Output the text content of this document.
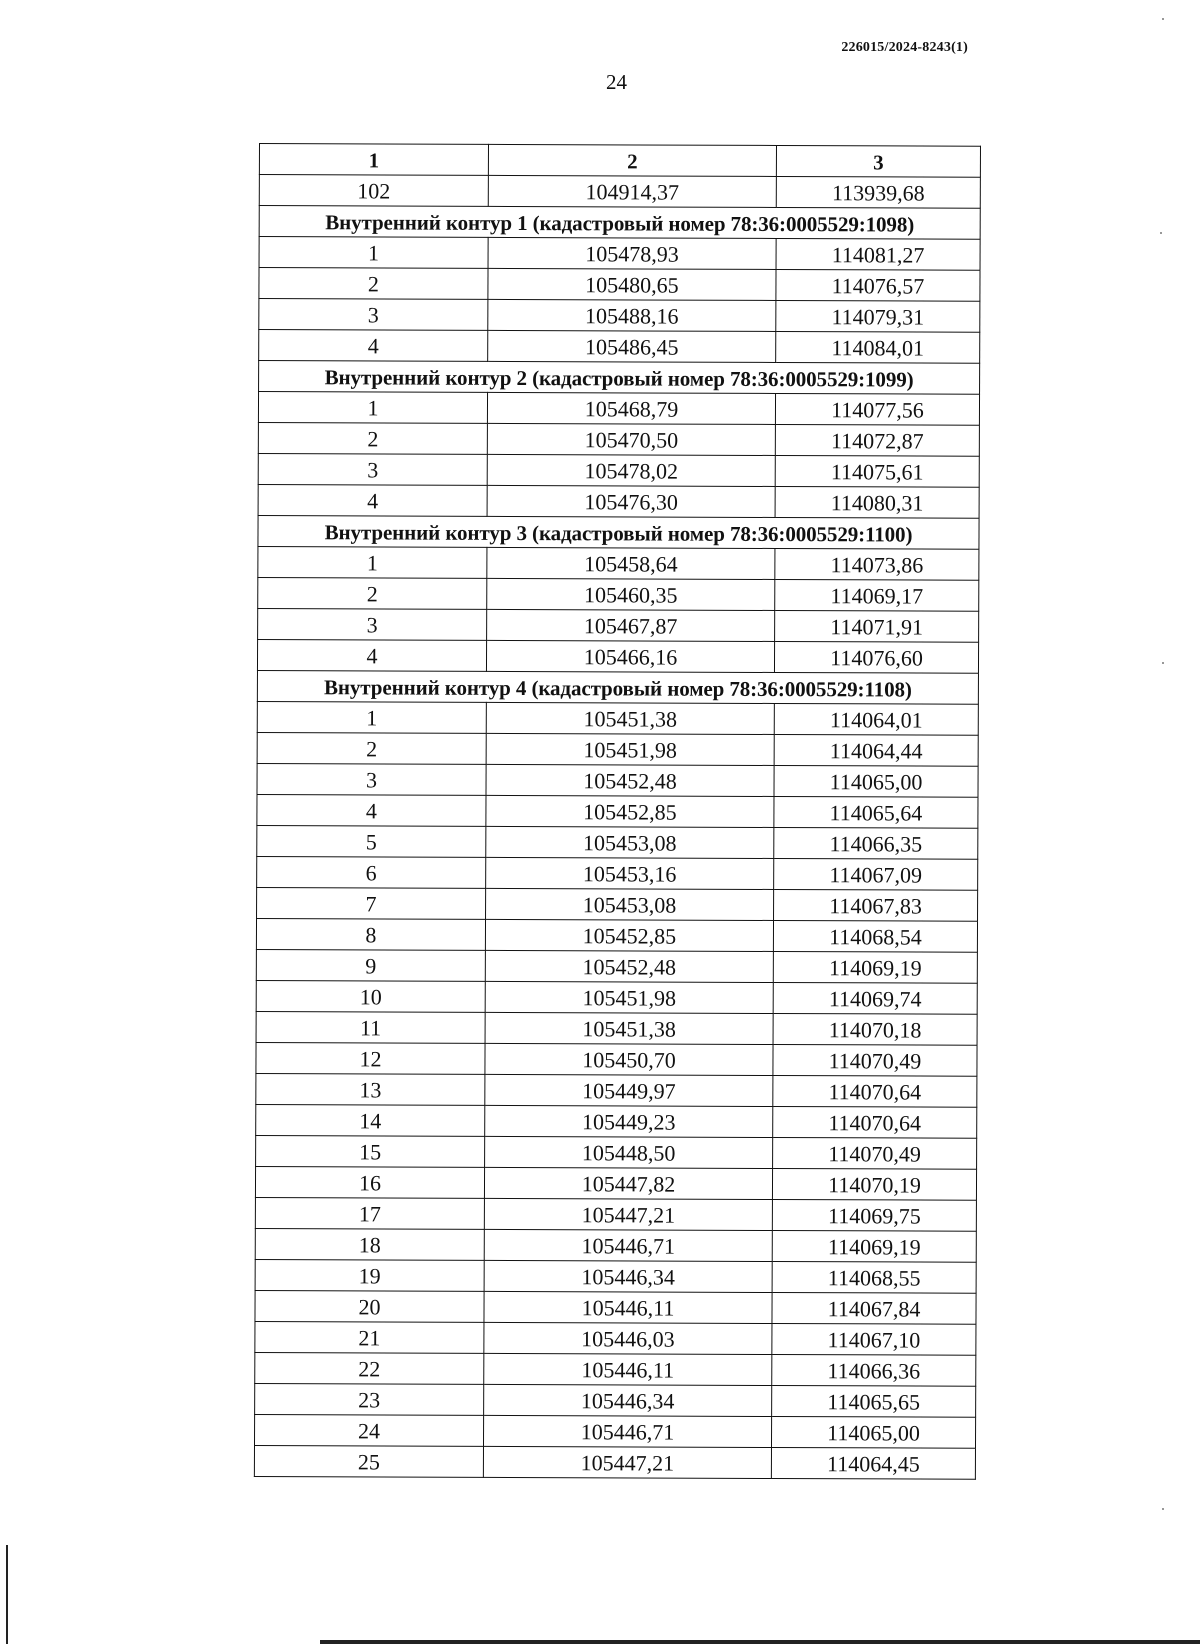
226015/2024-8243(1)
24
1	2	3
102	104914,37	113939,68
Внутренний контур 1 (кадастровый номер 78:36:0005529:1098)		
1	105478,93	114081,27
2	105480,65	114076,57
3	105488,16	114079,31
4	105486,45	114084,01
Внутренний контур 2 (кадастровый номер 78:36:0005529:1099)		
1	105468,79	114077,56
2	105470,50	114072,87
3	105478,02	114075,61
4	105476,30	114080,31
Внутренний контур 3 (кадастровый номер 78:36:0005529:1100)		
1	105458,64	114073,86
2	105460,35	114069,17
3	105467,87	114071,91
4	105466,16	114076,60
Внутренний контур 4 (кадастровый номер 78:36:0005529:1108)		
1	105451,38	114064,01
2	105451,98	114064,44
3	105452,48	114065,00
4	105452,85	114065,64
5	105453,08	114066,35
6	105453,16	114067,09
7	105453,08	114067,83
8	105452,85	114068,54
9	105452,48	114069,19
10	105451,98	114069,74
11	105451,38	114070,18
12	105450,70	114070,49
13	105449,97	114070,64
14	105449,23	114070,64
15	105448,50	114070,49
16	105447,82	114070,19
17	105447,21	114069,75
18	105446,71	114069,19
19	105446,34	114068,55
20	105446,11	114067,84
21	105446,03	114067,10
22	105446,11	114066,36
23	105446,34	114065,65
24	105446,71	114065,00
25	105447,21	114064,45
